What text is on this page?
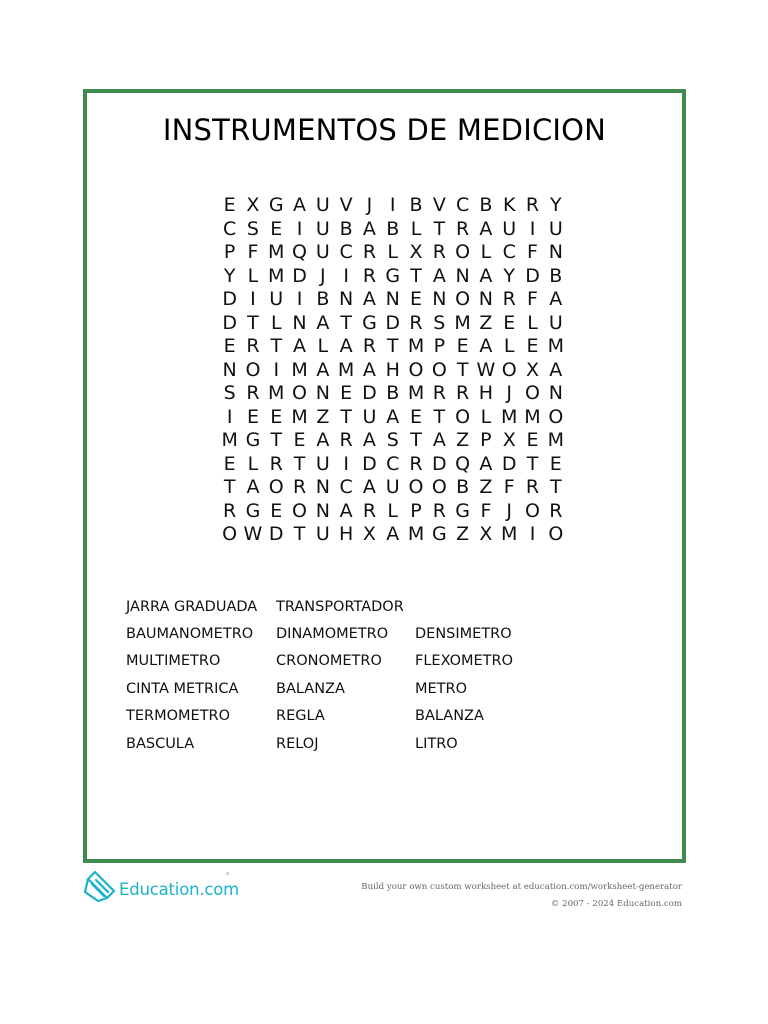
INSTRUMENTOS DE MEDICION
E X G A U V J I B V C B K R Y
C S E I U B A B L T R A U I U
P F M Q U C R L X R O L C F N
Y L M D J I R G T A N A Y D B
D I U I B N A N E N O N R F A
D T L N A T G D R S M Z E L U
E R T A L A R T M P E A L E M
N O I M A M A H O O T W O X A
S R M O N E D B M R R H J O N
I E E M Z T U A E T O L M M O
M G T E A R A S T A Z P X E M
E L R T U I D C R D Q A D T E
T A O R N C A U O O B Z F R T
R G E O N A R L P R G F J O R
O W D T U H X A M G Z X M I O
JARRA GRADUADA	TRANSPORTADOR
BAUMANOMETRO	DINAMOMETRO	DENSIMETRO
MULTIMETRO	CRONOMETRO	FLEXOMETRO
CINTA METRICA	BALANZA	METRO
TERMOMETRO	REGLA	BALANZA
BASCULA	RELOJ	LITRO
Education.com	Build your own custom worksheet at education.com/worksheet-generator
© 2007 - 2024 Education.com
